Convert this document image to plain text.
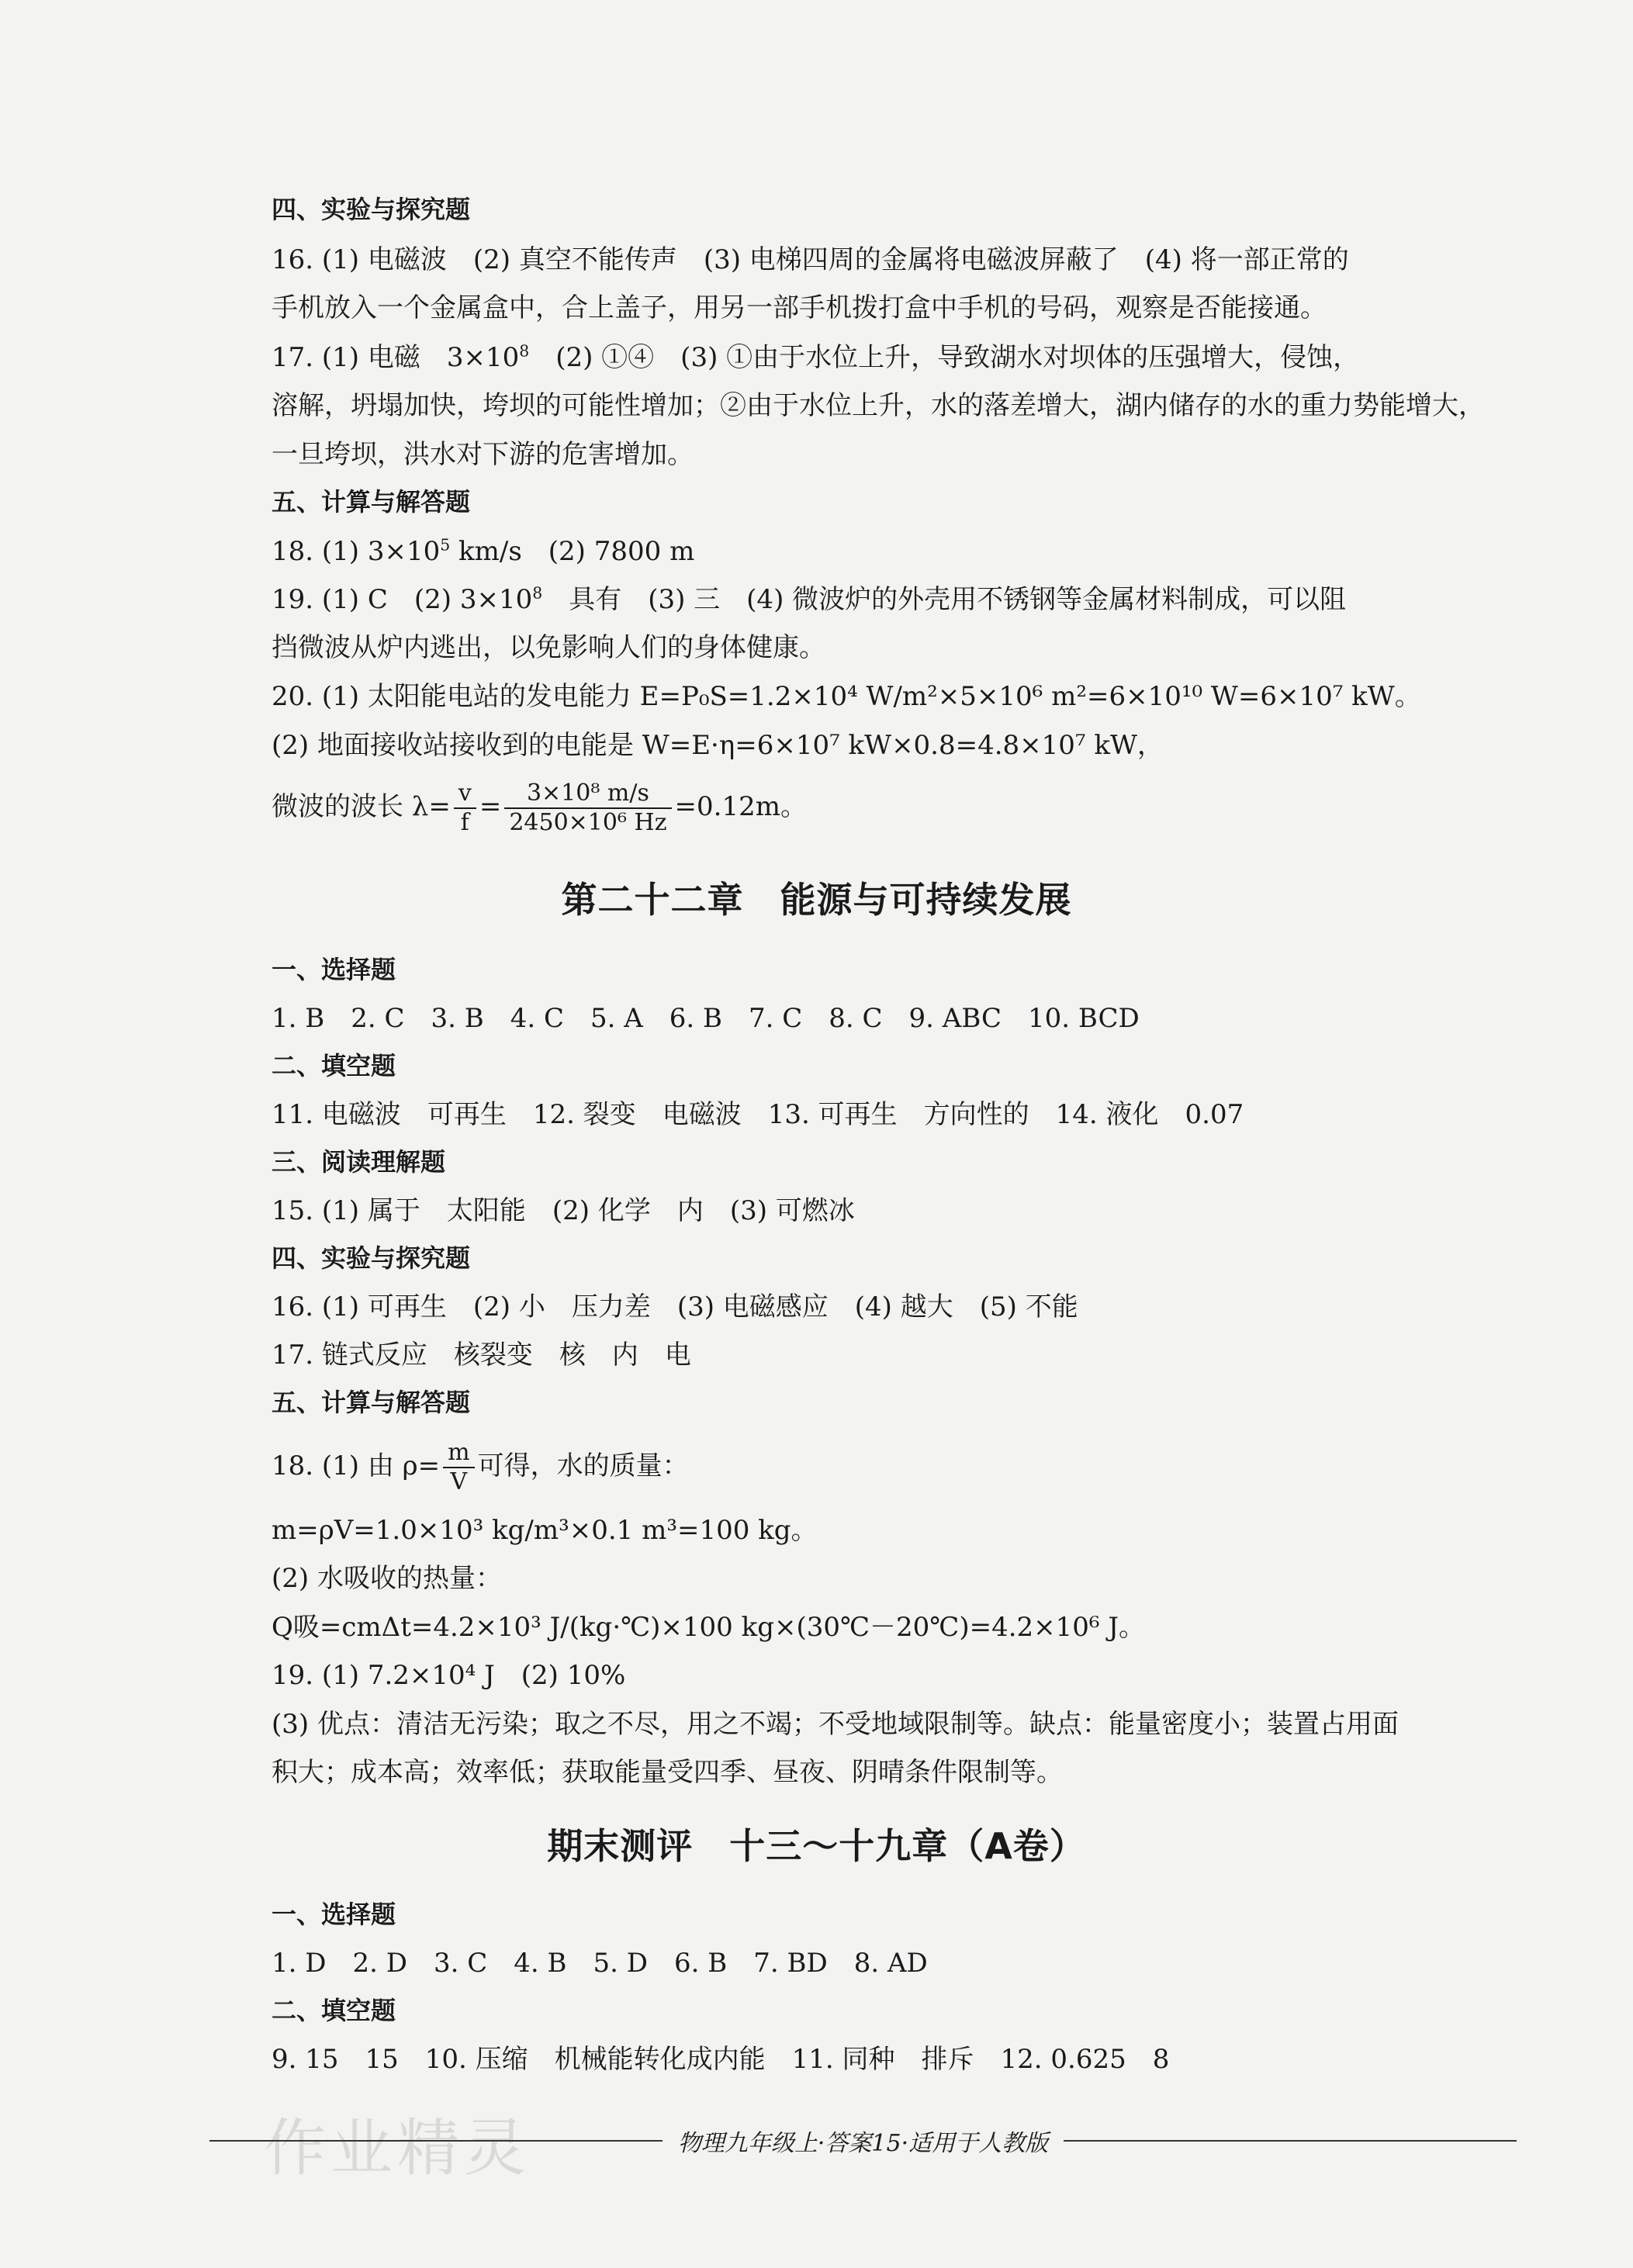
四、实验与探究题
16. (1) 电磁波　(2) 真空不能传声　(3) 电梯四周的金属将电磁波屏蔽了　(4) 将一部正常的
手机放入一个金属盒中，合上盖子，用另一部手机拨打盒中手机的号码，观察是否能接通。
17. (1) 电磁　$3\times 10^8$　(2) ①④　(3) ①由于水位上升，导致湖水对坝体的压强增大，侵蚀，
溶解，坍塌加快，垮坝的可能性增加；②由于水位上升，水的落差增大，湖内储存的水的重力势能增大，
一旦垮坝，洪水对下游的危害增加。
五、计算与解答题
18. (1) $3\times 10^5$ km/s　(2) 7800 m
19. (1) C　(2) $3\times 10^8$　具有　(3) 三　(4) 微波炉的外壳用不锈钢等金属材料制成，可以阻
挡微波从炉内逃出，以免影响人们的身体健康。
20. (1) 太阳能电站的发电能力 E=P₀S=1.2×10⁴ W/m²×5×10⁶ m²=6×10¹⁰ W=6×10⁷ kW。
(2) 地面接收站接收到的电能是 W=E·η=6×10⁷ kW×0.8=4.8×10⁷ kW，
微波的波长 $\lambda= \frac{v}{f} = \frac{\text{3×10⁸ m/s}}{\text{2450×10⁶ Hz}} =0.12m$。
第二十二章　能源与可持续发展
一、选择题
1. B　2. C　3. B　4. C　5. A　6. B　7. C　8. C　9. ABC　10. BCD
二、填空题
11. 电磁波　可再生　12. 裂变　电磁波　13. 可再生　方向性的　14. 液化　0.07
三、阅读理解题
15. (1) 属于　太阳能　(2) 化学　内　(3) 可燃冰
四、实验与探究题
16. (1) 可再生　(2) 小　压力差　(3) 电磁感应　(4) 越大　(5) 不能
17. 链式反应　核裂变　核　内　电
五、计算与解答题
18. (1) 由 $\rho= \frac{m}{V}$ 可得，水的质量：
m=ρV=1.0×10³ kg/m³×0.1 m³=100 kg。
(2) 水吸收的热量：
Q吸=cmΔt=4.2×10³ J/(kg·℃)×100 kg×(30℃－20℃)=4.2×10⁶ J。
19. (1) 7.2×10⁴ J　(2) 10%
(3) 优点：清洁无污染；取之不尽，用之不竭；不受地域限制等。缺点：能量密度小；装置占用面
积大；成本高；效率低；获取能量受四季、昼夜、阴晴条件限制等。
期末测评　十三～十九章（A卷）
一、选择题
1. D　2. D　3. C　4. B　5. D　6. B　7. BD　8. AD
二、填空题
9. 15　15　10. 压缩　机械能转化成内能　11. 同种　排斥　12. 0.625　8
作业精灵	物理九年级上·答案15·适用于人教版
